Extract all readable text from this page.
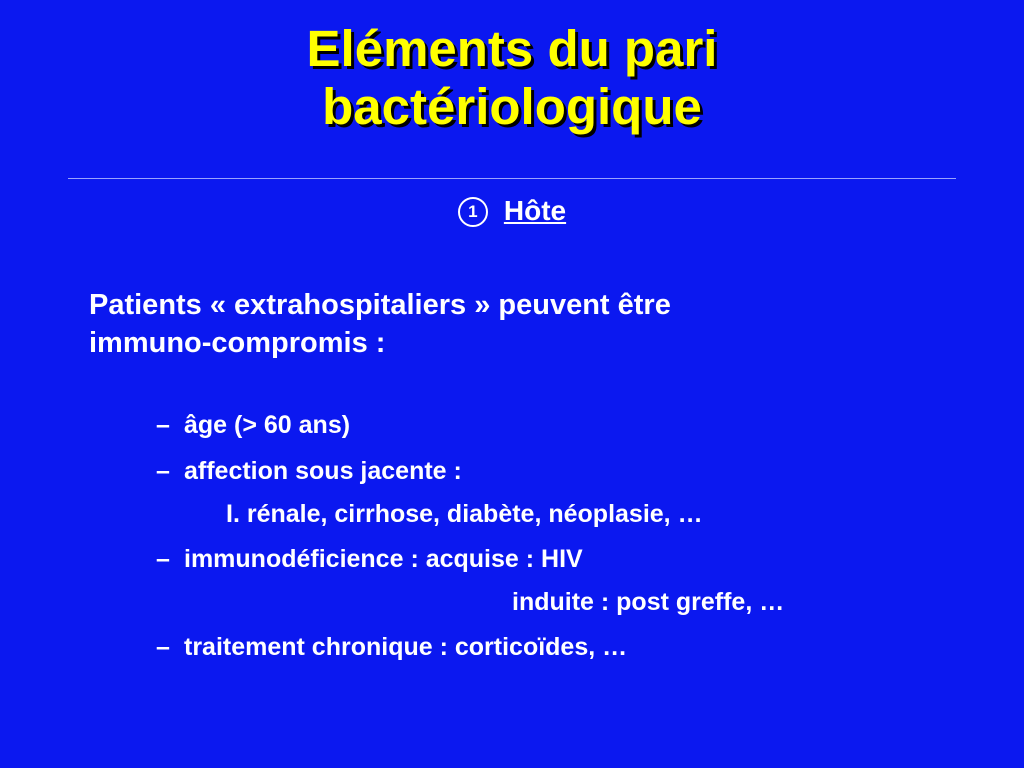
Eléments du pari
bactériologique
1 Hôte
Patients « extrahospitaliers » peuvent être
immuno-compromis :
– âge (> 60 ans)
– affection sous jacente :
I. rénale, cirrhose, diabète, néoplasie, …
– immunodéficience : acquise : HIV
induite : post greffe, …
– traitement chronique : corticoïdes, …
